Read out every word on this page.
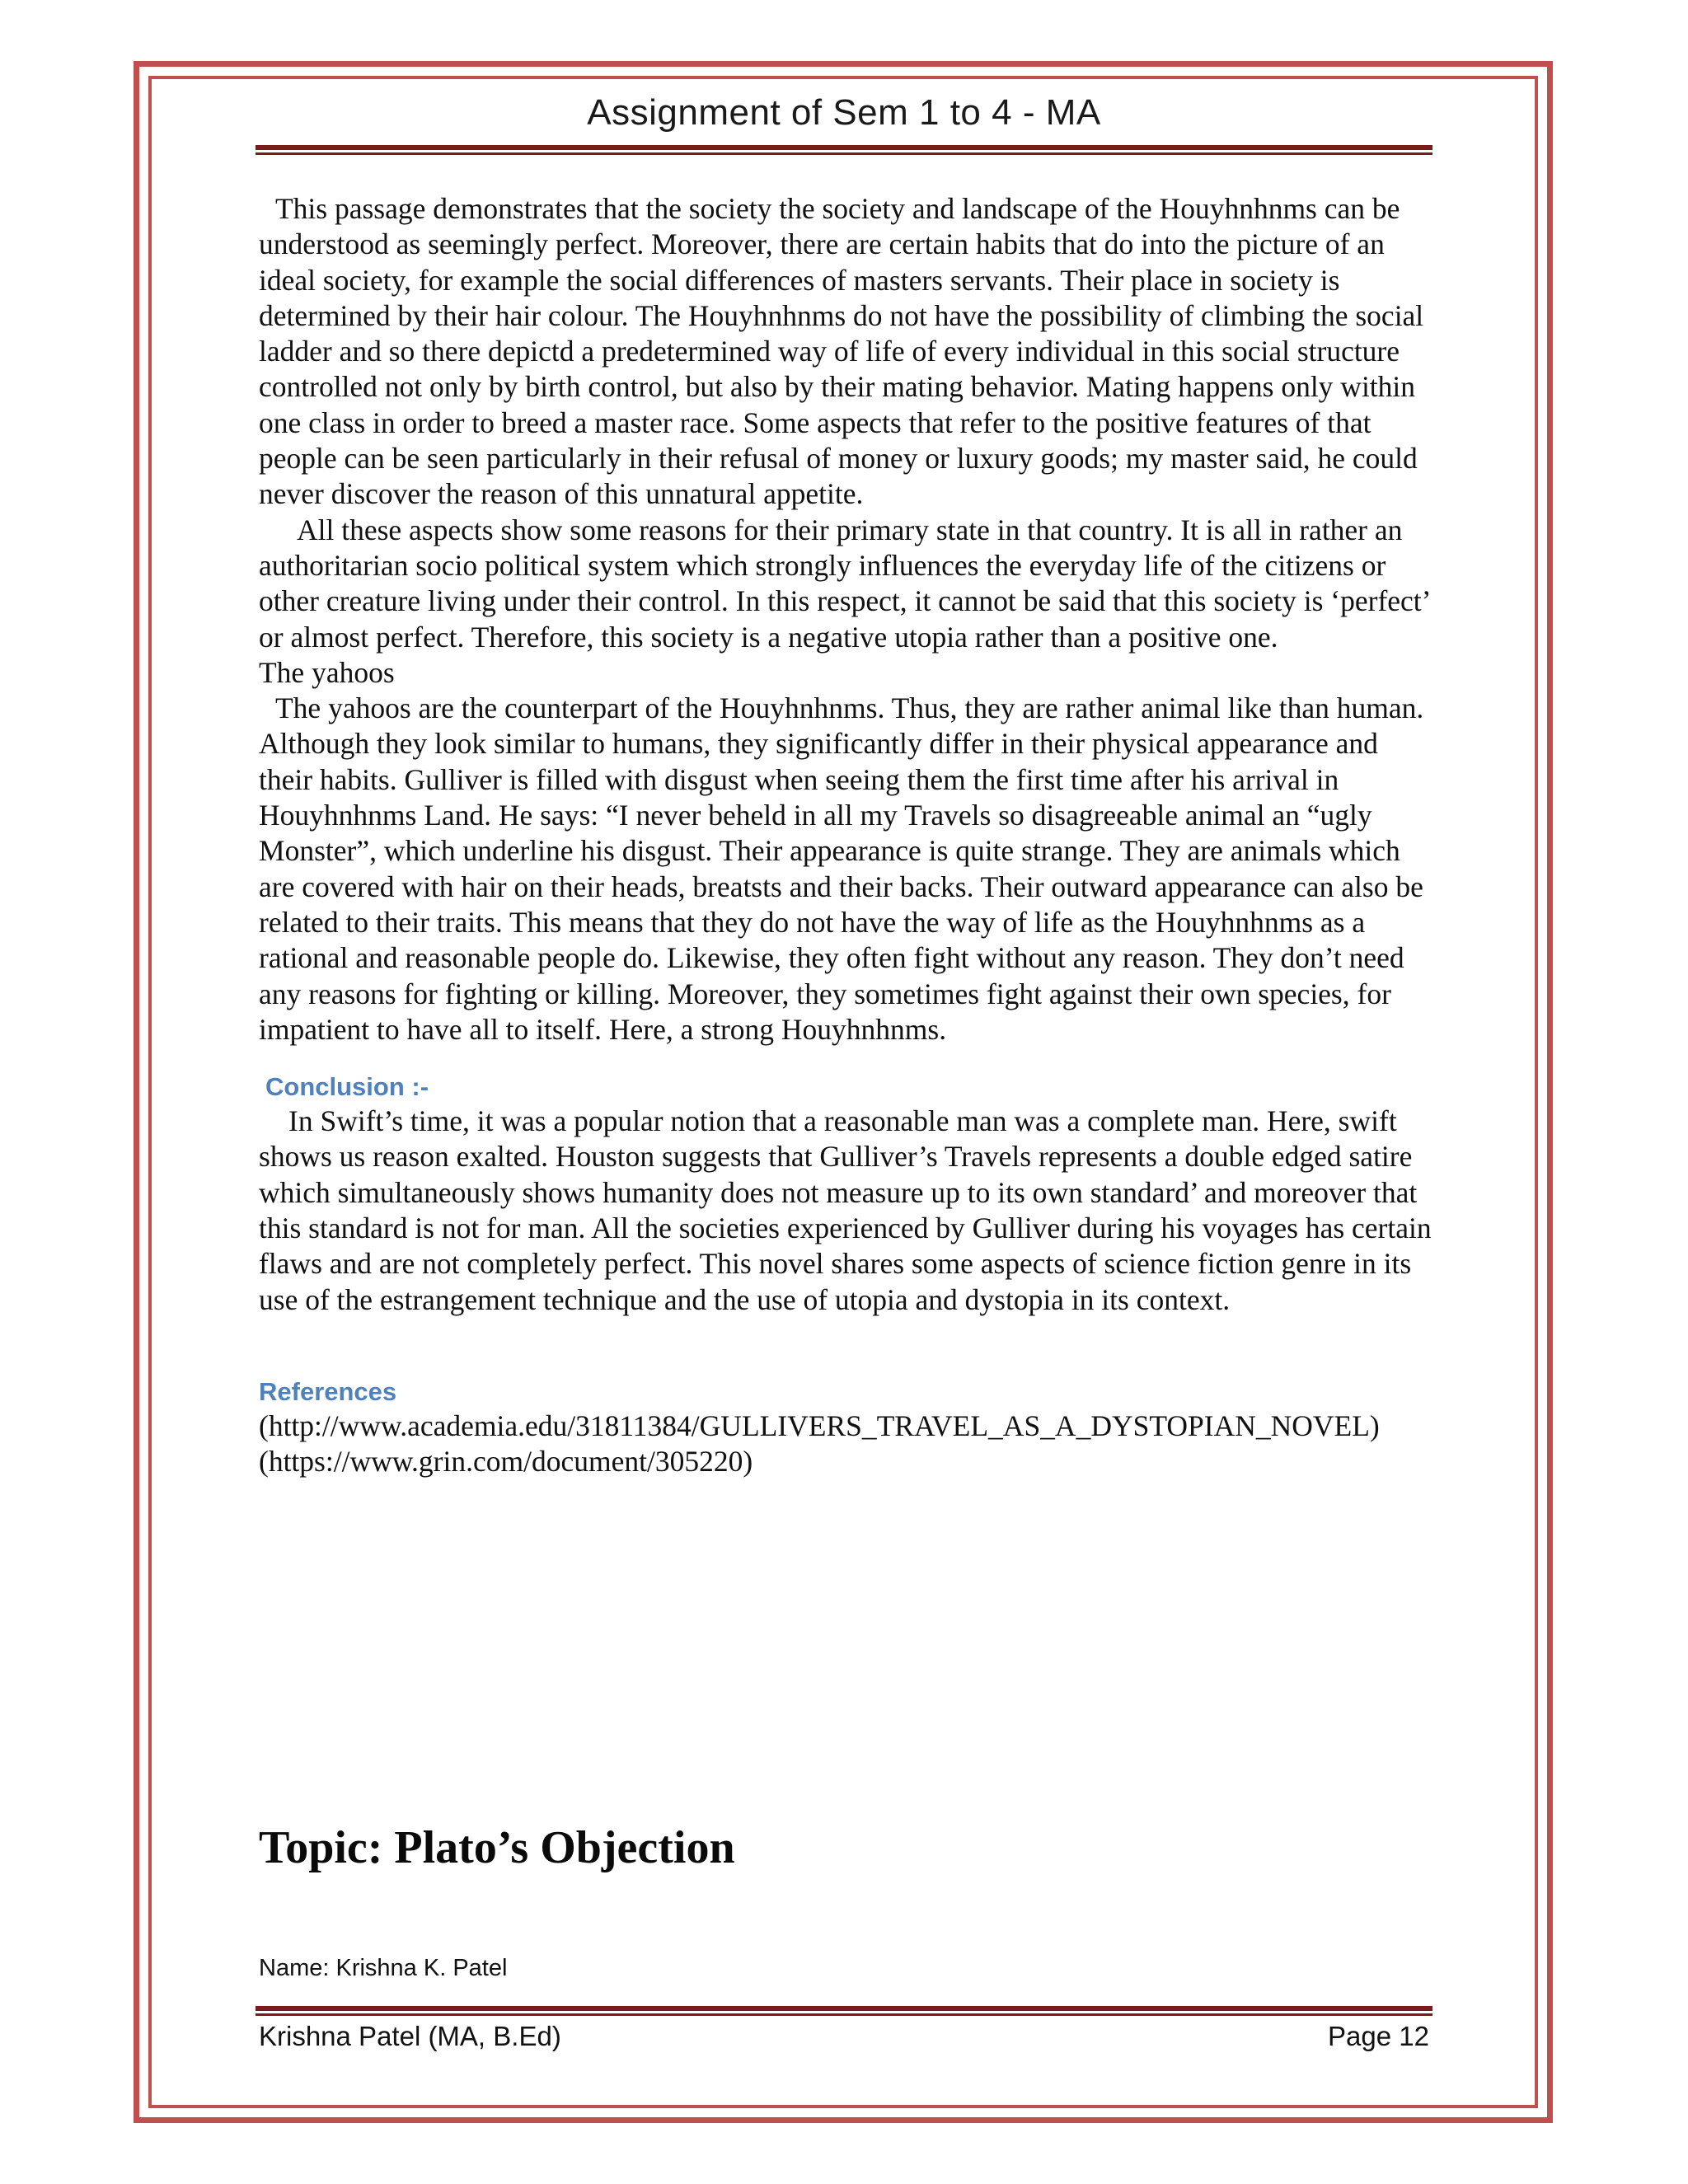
Assignment of Sem 1 to 4 - MA

This passage demonstrates that the society the society and landscape of the Houyhnhnms can be understood as seemingly perfect. Moreover, there are certain habits that do into the picture of an ideal society, for example the social differences of masters servants. Their place in society is determined by their hair colour. The Houyhnhnms do not have the possibility of climbing the social ladder and so there depictd a predetermined way of life of every individual in this social structure controlled not only by birth control, but also by their mating behavior. Mating happens only within one class in order to breed a master race. Some aspects that refer to the positive features of that people can be seen particularly in their refusal of money or luxury goods; my master said, he could never discover the reason of this unnatural appetite.

All these aspects show some reasons for their primary state in that country. It is all in rather an authoritarian socio political system which strongly influences the everyday life of the citizens or other creature living under their control. In this respect, it cannot be said that this society is ‘perfect’ or almost perfect. Therefore, this society is a negative utopia rather than a positive one.

The yahoos

The yahoos are the counterpart of the Houyhnhnms. Thus, they are rather animal like than human. Although they look similar to humans, they significantly differ in their physical appearance and their habits. Gulliver is filled with disgust when seeing them the first time after his arrival in Houyhnhnms Land. He says: “I never beheld in all my Travels so disagreeable animal an “ugly Monster”, which underline his disgust. Their appearance is quite strange. They are animals which are covered with hair on their heads, breatsts and their backs. Their outward appearance can also be related to their traits. This means that they do not have the way of life as the Houyhnhnms as a rational and reasonable people do. Likewise, they often fight without any reason. They don’t need any reasons for fighting or killing. Moreover, they sometimes fight against their own species, for impatient to have all to itself. Here, a strong Houyhnhnms.

Conclusion :-

In Swift’s time, it was a popular notion that a reasonable man was a complete man. Here, swift shows us reason exalted. Houston suggests that Gulliver’s Travels represents a double edged satire which simultaneously shows humanity does not measure up to its own standard’ and moreover that this standard is not for man. All the societies experienced by Gulliver during his voyages has certain flaws and are not completely perfect. This novel shares some aspects of science fiction genre in its use of the estrangement technique and the use of utopia and dystopia in its context.

References

(http://www.academia.edu/31811384/GULLIVERS_TRAVEL_AS_A_DYSTOPIAN_NOVEL)

(https://www.grin.com/document/305220)

Topic: Plato’s Objection
Name: Krishna K. Patel
Krishna Patel (MA, B.Ed)	Page 12
